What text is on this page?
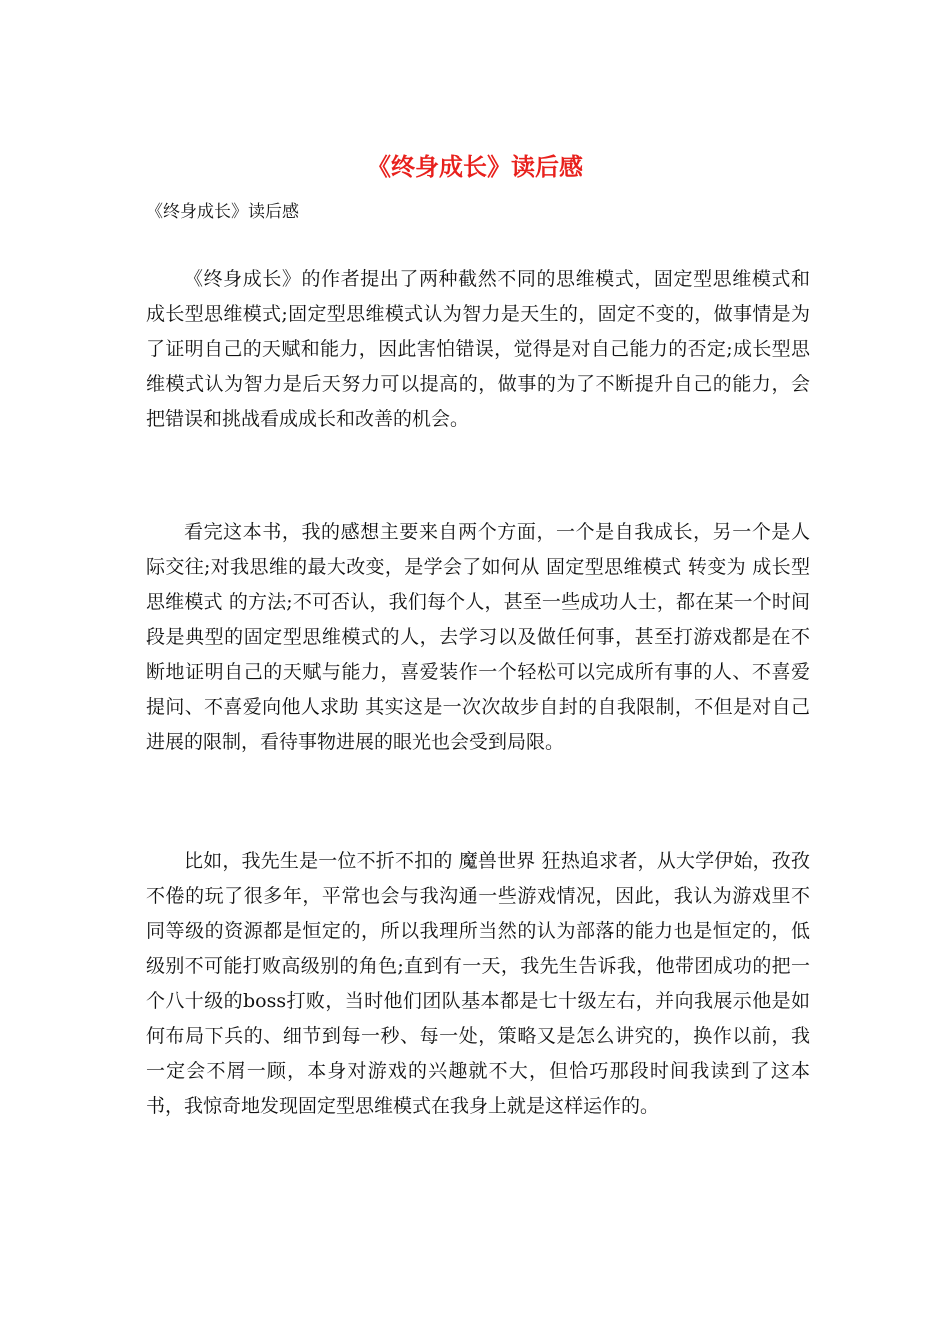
《终身成长》读后感

《终身成长》读后感

《终身成长》的作者提出了两种截然不同的思维模式，固定型思维模式和成长型思维模式;固定型思维模式认为智力是天生的，固定不变的，做事情是为了证明自己的天赋和能力，因此害怕错误，觉得是对自己能力的否定;成长型思维模式认为智力是后天努力可以提高的，做事的为了不断提升自己的能力，会把错误和挑战看成成长和改善的机会。

看完这本书，我的感想主要来自两个方面，一个是自我成长，另一个是人际交往;对我思维的最大改变，是学会了如何从 固定型思维模式 转变为 成长型思维模式 的方法;不可否认，我们每个人，甚至一些成功人士，都在某一个时间段是典型的固定型思维模式的人，去学习以及做任何事，甚至打游戏都是在不断地证明自己的天赋与能力，喜爱装作一个轻松可以完成所有事的人、不喜爱提问、不喜爱向他人求助 其实这是一次次故步自封的自我限制，不但是对自己进展的限制，看待事物进展的眼光也会受到局限。

比如，我先生是一位不折不扣的 魔兽世界 狂热追求者，从大学伊始，孜孜不倦的玩了很多年，平常也会与我沟通一些游戏情况，因此，我认为游戏里不同等级的资源都是恒定的，所以我理所当然的认为部落的能力也是恒定的，低级别不可能打败高级别的角色;直到有一天，我先生告诉我，他带团成功的把一个八十级的boss打败，当时他们团队基本都是七十级左右，并向我展示他是如何布局下兵的、细节到每一秒、每一处，策略又是怎么讲究的，换作以前，我一定会不屑一顾，本身对游戏的兴趣就不大，但恰巧那段时间我读到了这本书，我惊奇地发现固定型思维模式在我身上就是这样运作的。
